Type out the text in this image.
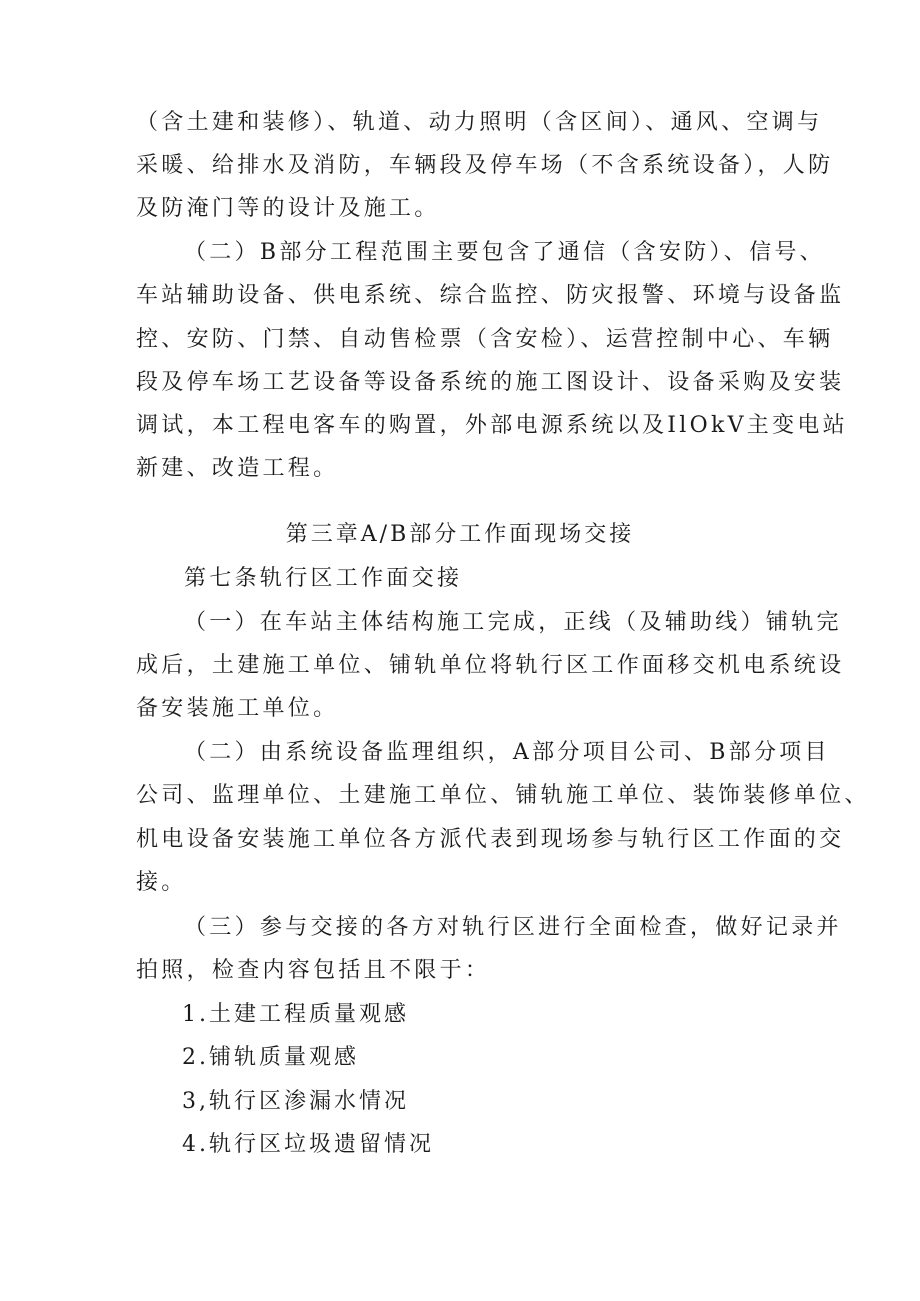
（含土建和装修）、轨道、动力照明（含区间）、通风、空调与
采暖、给排水及消防，车辆段及停车场（不含系统设备），人防
及防淹门等的设计及施工。
（二）B部分工程范围主要包含了通信（含安防）、信号、
车站辅助设备、供电系统、综合监控、防灾报警、环境与设备监
控、安防、门禁、自动售检票（含安检）、运营控制中心、车辆
段及停车场工艺设备等设备系统的施工图设计、设备采购及安装
调试，本工程电客车的购置，外部电源系统以及IlOkV主变电站
新建、改造工程。
第三章A/B部分工作面现场交接
第七条轨行区工作面交接
（一）在车站主体结构施工完成，正线（及辅助线）铺轨完
成后，土建施工单位、铺轨单位将轨行区工作面移交机电系统设
备安装施工单位。
（二）由系统设备监理组织，A部分项目公司、B部分项目
公司、监理单位、土建施工单位、铺轨施工单位、装饰装修单位、
机电设备安装施工单位各方派代表到现场参与轨行区工作面的交
接。
（三）参与交接的各方对轨行区进行全面检查，做好记录并
拍照，检查内容包括且不限于：
1.土建工程质量观感
2.铺轨质量观感
3,轨行区渗漏水情况
4.轨行区垃圾遗留情况
